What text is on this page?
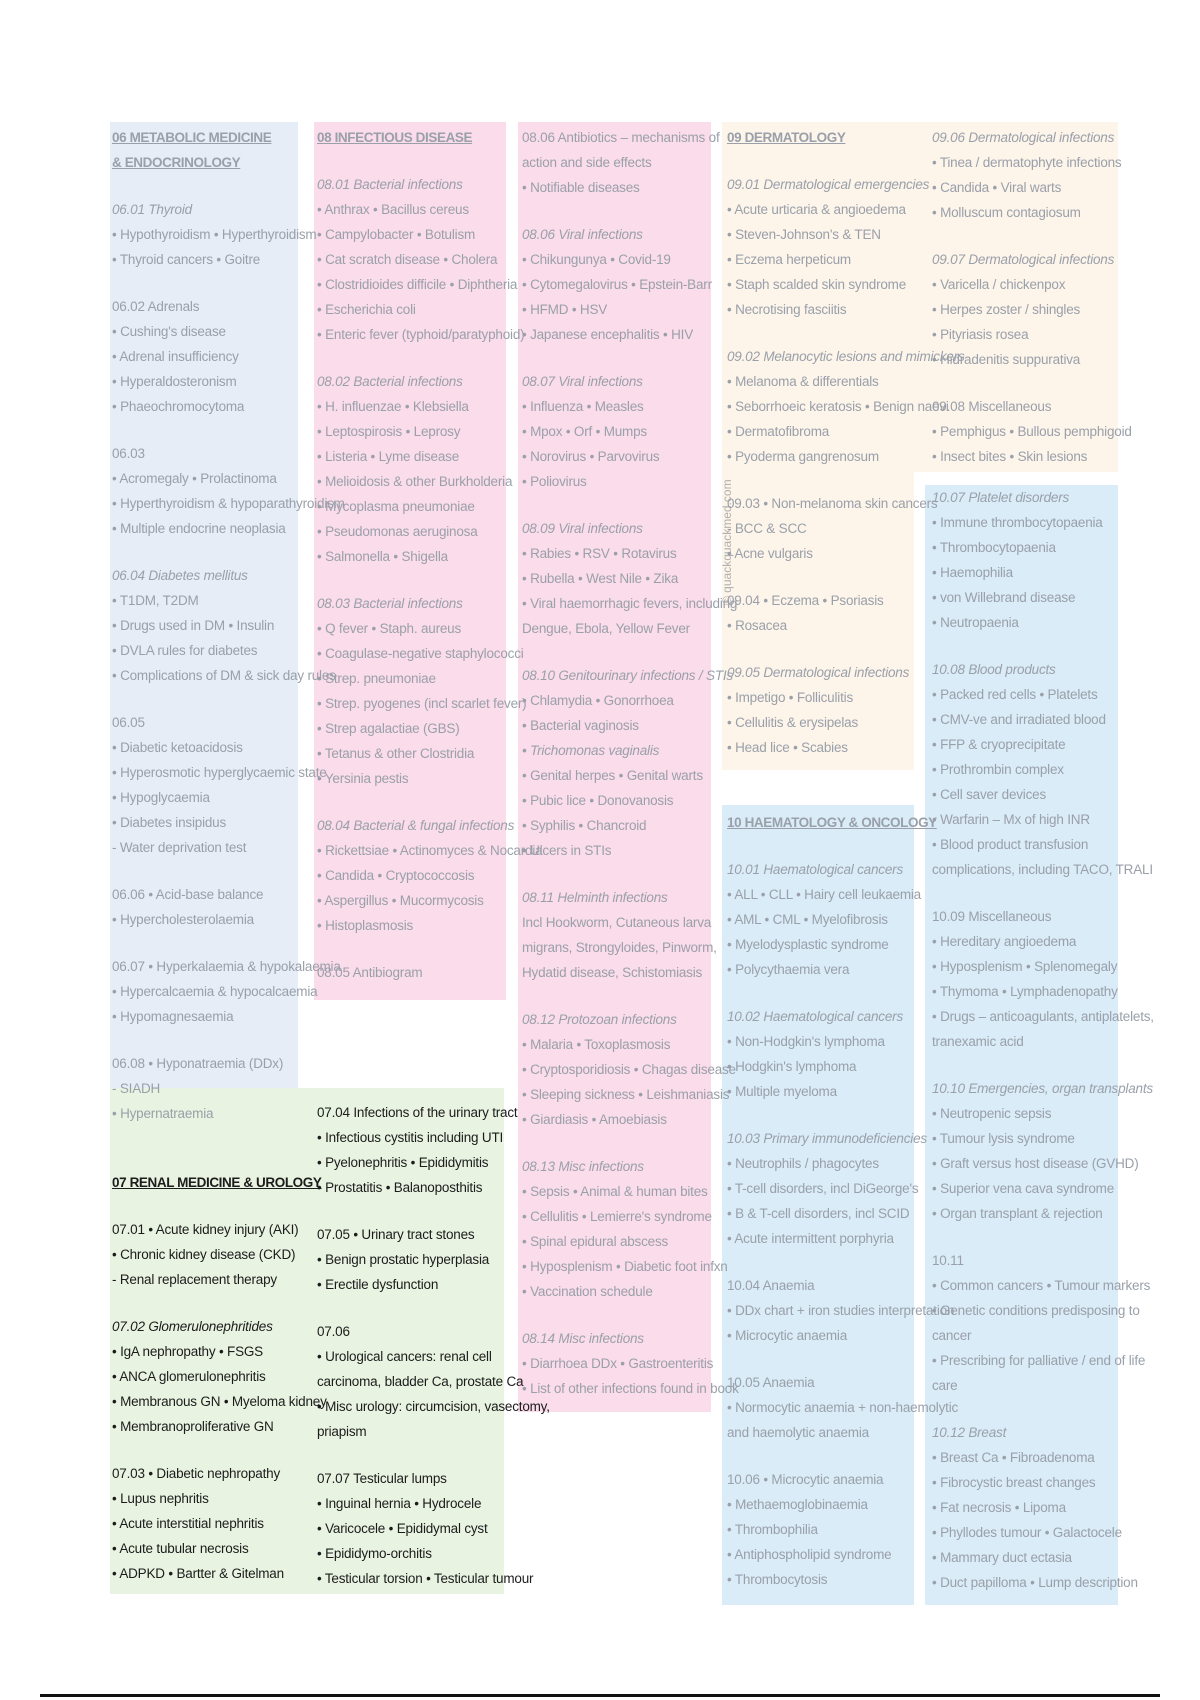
06 METABOLIC MEDICINE
& ENDOCRINOLOGY
06.01 Thyroid
• Hypothyroidism • Hyperthyroidism
• Thyroid cancers • Goitre
06.02 Adrenals
• Cushing's disease
• Adrenal insufficiency
• Hyperaldosteronism
• Phaeochromocytoma
06.03
• Acromegaly • Prolactinoma
• Hyperthyroidism & hypoparathyroidism
• Multiple endocrine neoplasia
06.04 Diabetes mellitus
• T1DM, T2DM
• Drugs used in DM • Insulin
• DVLA rules for diabetes
• Complications of DM & sick day rules
06.05
• Diabetic ketoacidosis
• Hyperosmotic hyperglycaemic state
• Hypoglycaemia
• Diabetes insipidus
- Water deprivation test
06.06 • Acid-base balance
• Hypercholesterolaemia
06.07 • Hyperkalaemia & hypokalaemia
• Hypercalcaemia & hypocalcaemia
• Hypomagnesaemia
06.08 • Hyponatraemia (DDx)
- SIADH
• Hypernatraemia
07 RENAL MEDICINE & UROLOGY
07.01 • Acute kidney injury (AKI)
• Chronic kidney disease (CKD)
- Renal replacement therapy
07.02 Glomerulonephritides
• IgA nephropathy • FSGS
• ANCA glomerulonephritis
• Membranous GN • Myeloma kidney
• Membranoproliferative GN
07.03 • Diabetic nephropathy
• Lupus nephritis
• Acute interstitial nephritis
• Acute tubular necrosis
• ADPKD • Bartter & Gitelman
07.04 Infections of the urinary tract
• Infectious cystitis including UTI
• Pyelonephritis • Epididymitis
• Prostatitis • Balanoposthitis
07.05 • Urinary tract stones
• Benign prostatic hyperplasia
• Erectile dysfunction
07.06
• Urological cancers: renal cell
carcinoma, bladder Ca, prostate Ca
• Misc urology: circumcision, vasectomy,
priapism
07.07 Testicular lumps
• Inguinal hernia • Hydrocele
• Varicocele • Epididymal cyst
• Epididymo-orchitis
• Testicular torsion • Testicular tumour
08 INFECTIOUS DISEASE
08.01 Bacterial infections
• Anthrax • Bacillus cereus
• Campylobacter • Botulism
• Cat scratch disease • Cholera
• Clostridioides difficile • Diphtheria
• Escherichia coli
• Enteric fever (typhoid/paratyphoid)
08.02 Bacterial infections
• H. influenzae • Klebsiella
• Leptospirosis • Leprosy
• Listeria • Lyme disease
• Melioidosis & other Burkholderia
• Mycoplasma pneumoniae
• Pseudomonas aeruginosa
• Salmonella • Shigella
08.03 Bacterial infections
• Q fever • Staph. aureus
• Coagulase-negative staphylococci
• Strep. pneumoniae
• Strep. pyogenes (incl scarlet fever)
• Strep agalactiae (GBS)
• Tetanus & other Clostridia
• Yersinia pestis
08.04 Bacterial & fungal infections
• Rickettsiae • Actinomyces & Nocardia
• Candida • Cryptococcosis
• Aspergillus • Mucormycosis
• Histoplasmosis
08.05 Antibiogram
08.06 Antibiotics – mechanisms of
action and side effects
• Notifiable diseases
08.06 Viral infections
• Chikungunya • Covid-19
• Cytomegalovirus • Epstein-Barr
• HFMD • HSV
• Japanese encephalitis • HIV
08.07 Viral infections
• Influenza • Measles
• Mpox • Orf • Mumps
• Norovirus • Parvovirus
• Poliovirus
08.09 Viral infections
• Rabies • RSV • Rotavirus
• Rubella • West Nile • Zika
• Viral haemorrhagic fevers, including
Dengue, Ebola, Yellow Fever
08.10 Genitourinary infections / STIs
• Chlamydia • Gonorrhoea
• Bacterial vaginosis
• Trichomonas vaginalis
• Genital herpes • Genital warts
• Pubic lice • Donovanosis
• Syphilis • Chancroid
• Ulcers in STIs
08.11 Helminth infections
Incl Hookworm, Cutaneous larva
migrans, Strongyloides, Pinworm,
Hydatid disease, Schistomiasis
08.12 Protozoan infections
• Malaria • Toxoplasmosis
• Cryptosporidiosis • Chagas disease
• Sleeping sickness • Leishmaniasis
• Giardiasis • Amoebiasis
08.13 Misc infections
• Sepsis • Animal & human bites
• Cellulitis • Lemierre's syndrome
• Spinal epidural abscess
• Hyposplenism • Diabetic foot infxn
• Vaccination schedule
08.14 Misc infections
• Diarrhoea DDx • Gastroenteritis
• List of other infections found in book
© quackquackmed.com
09 DERMATOLOGY
09.01 Dermatological emergencies
• Acute urticaria & angioedema
• Steven-Johnson's & TEN
• Eczema herpeticum
• Staph scalded skin syndrome
• Necrotising fasciitis
09.02 Melanocytic lesions and mimickers
• Melanoma & differentials
• Seborrhoeic keratosis • Benign naevi
• Dermatofibroma
• Pyoderma gangrenosum
09.03 • Non-melanoma skin cancers
- BCC & SCC
• Acne vulgaris
09.04 • Eczema • Psoriasis
• Rosacea
09.05 Dermatological infections
• Impetigo • Folliculitis
• Cellulitis & erysipelas
• Head lice • Scabies
10 HAEMATOLOGY & ONCOLOGY
10.01 Haematological cancers
• ALL • CLL • Hairy cell leukaemia
• AML • CML • Myelofibrosis
• Myelodysplastic syndrome
• Polycythaemia vera
10.02 Haematological cancers
• Non-Hodgkin's lymphoma
• Hodgkin's lymphoma
• Multiple myeloma
10.03 Primary immunodeficiencies
• Neutrophils / phagocytes
• T-cell disorders, incl DiGeorge's
• B & T-cell disorders, incl SCID
• Acute intermittent porphyria
10.04 Anaemia
• DDx chart + iron studies interpretation
• Microcytic anaemia
10.05 Anaemia
• Normocytic anaemia + non-haemolytic
and haemolytic anaemia
10.06 • Microcytic anaemia
• Methaemoglobinaemia
• Thrombophilia
• Antiphospholipid syndrome
• Thrombocytosis
09.06 Dermatological infections
• Tinea / dermatophyte infections
• Candida • Viral warts
• Molluscum contagiosum
09.07 Dermatological infections
• Varicella / chickenpox
• Herpes zoster / shingles
• Pityriasis rosea
• Hidradenitis suppurativa
09.08 Miscellaneous
• Pemphigus • Bullous pemphigoid
• Insect bites • Skin lesions
10.07 Platelet disorders
• Immune thrombocytopaenia
• Thrombocytopaenia
• Haemophilia
• von Willebrand disease
• Neutropaenia
10.08 Blood products
• Packed red cells • Platelets
• CMV-ve and irradiated blood
• FFP & cryoprecipitate
• Prothrombin complex
• Cell saver devices
• Warfarin – Mx of high INR
• Blood product transfusion
complications, including TACO, TRALI
10.09 Miscellaneous
• Hereditary angioedema
• Hyposplenism • Splenomegaly
• Thymoma • Lymphadenopathy
• Drugs – anticoagulants, antiplatelets,
tranexamic acid
10.10 Emergencies, organ transplants
• Neutropenic sepsis
• Tumour lysis syndrome
• Graft versus host disease (GVHD)
• Superior vena cava syndrome
• Organ transplant & rejection
10.11
• Common cancers • Tumour markers
• Genetic conditions predisposing to
cancer
• Prescribing for palliative / end of life
care
10.12 Breast
• Breast Ca • Fibroadenoma
• Fibrocystic breast changes
• Fat necrosis • Lipoma
• Phyllodes tumour • Galactocele
• Mammary duct ectasia
• Duct papilloma • Lump description
